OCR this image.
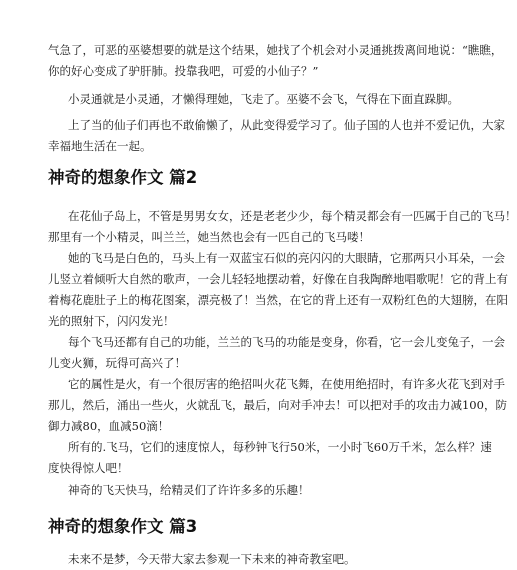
气急了，可恶的巫婆想要的就是这个结果，她找了个机会对小灵通挑拨离间地说：“瞧瞧，
你的好心变成了驴肝肺。投靠我吧，可爱的小仙子？”
小灵通就是小灵通，才懒得理她，飞走了。巫婆不会飞，气得在下面直跺脚。
上了当的仙子们再也不敢偷懒了，从此变得爱学习了。仙子国的人也并不爱记仇，大家
幸福地生活在一起。
神奇的想象作文 篇2
在花仙子岛上，不管是男男女女，还是老老少少，每个精灵都会有一匹属于自己的飞马！
那里有一个小精灵，叫兰兰，她当然也会有一匹自己的飞马喽！
她的飞马是白色的，马头上有一双蓝宝石似的亮闪闪的大眼睛，它那两只小耳朵，一会
儿竖立着倾听大自然的歌声，一会儿轻轻地摆动着，好像在自我陶醉地唱歌呢！它的背上有
着梅花鹿肚子上的梅花图案，漂亮极了！当然，在它的背上还有一双粉红色的大翅膀，在阳
光的照射下，闪闪发光！
每个飞马还都有自己的功能，兰兰的飞马的功能是变身，你看，它一会儿变兔子，一会
儿变火狮，玩得可高兴了！
它的属性是火，有一个很厉害的绝招叫火花飞舞，在使用绝招时，有许多火花飞到对手
那儿，然后，涌出一些火，火就乱飞，最后，向对手冲去！可以把对手的攻击力减100，防
御力减80，血减50滴！
所有的.飞马，它们的速度惊人，每秒钟飞行50米，一小时飞60万千米，怎么样？速
度快得惊人吧！
神奇的飞天快马，给精灵们了许许多多的乐趣！
神奇的想象作文 篇3
未来不是梦，今天带大家去参观一下未来的神奇教室吧。
